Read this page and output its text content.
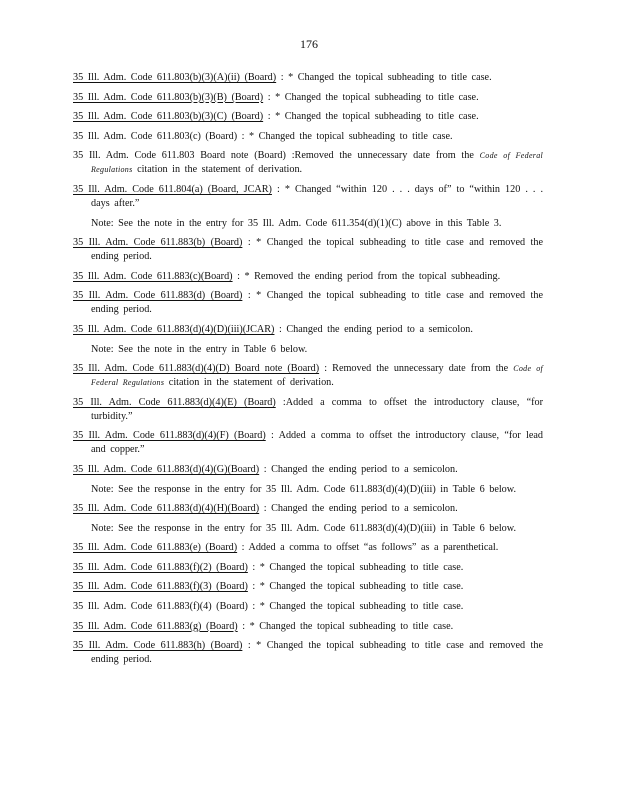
176
35 Ill. Adm. Code 611.803(b)(3)(A)(ii) (Board) : * Changed the topical subheading to title case.
35 Ill. Adm. Code 611.803(b)(3)(B) (Board) : * Changed the topical subheading to title case.
35 Ill. Adm. Code 611.803(b)(3)(C) (Board) : * Changed the topical subheading to title case.
35 Ill. Adm. Code 611.803(c) (Board) : * Changed the topical subheading to title case.
35 Ill. Adm. Code 611.803 Board note (Board) :Removed the unnecessary date from the Code of Federal Regulations citation in the statement of derivation.
35 Ill. Adm. Code 611.804(a) (Board, JCAR) : * Changed “within 120 . . . days of” to “within 120 . . . days after.”
Note: See the note in the entry for 35 Ill. Adm. Code 611.354(d)(1)(C) above in this Table 3.
35 Ill. Adm. Code 611.883(b) (Board) : * Changed the topical subheading to title case and removed the ending period.
35 Ill. Adm. Code 611.883(c)(Board) : * Removed the ending period from the topical subheading.
35 Ill. Adm. Code 611.883(d) (Board) : * Changed the topical subheading to title case and removed the ending period.
35 Ill. Adm. Code 611.883(d)(4)(D)(iii)(JCAR) : Changed the ending period to a semicolon.
Note: See the note in the entry in Table 6 below.
35 Ill. Adm. Code 611.883(d)(4)(D) Board note (Board) : Removed the unnecessary date from the Code of Federal Regulations citation in the statement of derivation.
35 Ill. Adm. Code 611.883(d)(4)(E) (Board) :Added a comma to offset the introductory clause, “for turbidity.”
35 Ill. Adm. Code 611.883(d)(4)(F) (Board) : Added a comma to offset the introductory clause, “for lead and copper.”
35 Ill. Adm. Code 611.883(d)(4)(G)(Board) : Changed the ending period to a semicolon.
Note: See the response in the entry for 35 Ill. Adm. Code 611.883(d)(4)(D)(iii) in Table 6 below.
35 Ill. Adm. Code 611.883(d)(4)(H)(Board) : Changed the ending period to a semicolon.
Note: See the response in the entry for 35 Ill. Adm. Code 611.883(d)(4)(D)(iii) in Table 6 below.
35 Ill. Adm. Code 611.883(e) (Board) : Added a comma to offset “as follows” as a parenthetical.
35 Ill. Adm. Code 611.883(f)(2) (Board) : * Changed the topical subheading to title case.
35 Ill. Adm. Code 611.883(f)(3) (Board) : * Changed the topical subheading to title case.
35 Ill. Adm. Code 611.883(f)(4) (Board) : * Changed the topical subheading to title case.
35 Ill. Adm. Code 611.883(g) (Board) : * Changed the topical subheading to title case.
35 Ill. Adm. Code 611.883(h) (Board) : * Changed the topical subheading to title case and removed the ending period.
